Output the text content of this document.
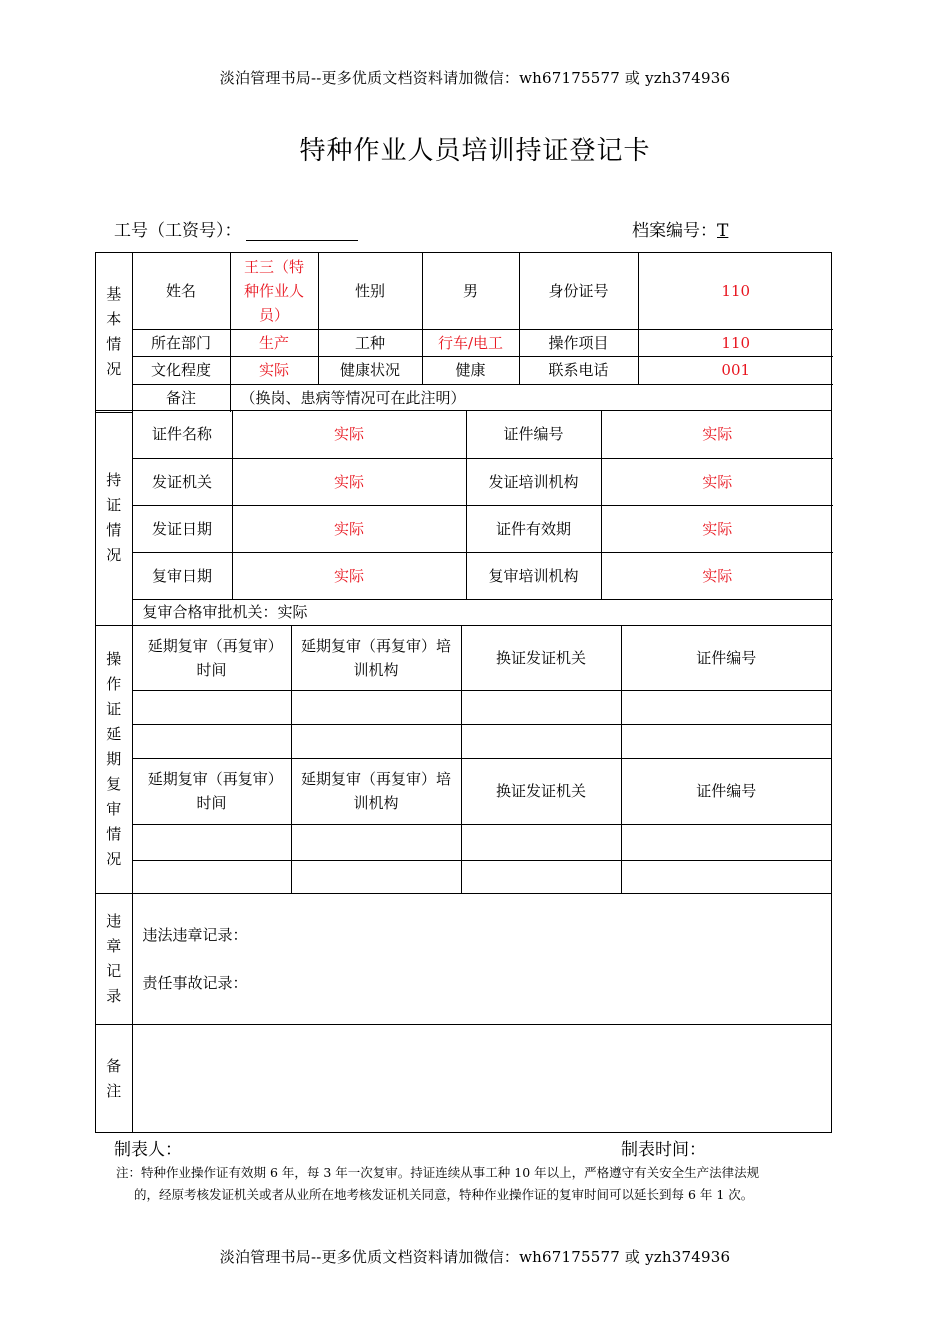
淡泊管理书局--更多优质文档资料请加微信：wh67175577 或 yzh374936
特种作业人员培训持证登记卡
工号（工资号）：	档案编号：T
基本情况	姓名	王三（特种作业人员）	性别	男	身份证号	110
	所在部门	生产	工种	行车/电工	操作项目	110
	文化程度	实际	健康状况	健康	联系电话	001
	备注	（换岗、患病等情况可在此注明）				
持证情况	证件名称	实际	证件编号	实际
	发证机关	实际	发证培训机构	实际
	发证日期	实际	证件有效期	实际
	复审日期	实际	复审培训机构	实际
	复审合格审批机关：实际			
操作证延期复审情况	延期复审（再复审）时间	延期复审（再复审）培训机构	换证发证机关	证件编号

	延期复审（再复审）时间	延期复审（再复审）培训机构	换证发证机关	证件编号

违章记录

违法违章记录：
责任事故记录：
备注

制表人：	制表时间：
注：特种作业操作证有效期 6 年，每 3 年一次复审。持证连续从事工种 10 年以上，严格遵守有关安全生产法律法规
的，经原考核发证机关或者从业所在地考核发证机关同意，特种作业操作证的复审时间可以延长到每 6 年 1 次。
淡泊管理书局--更多优质文档资料请加微信：wh67175577 或 yzh374936
